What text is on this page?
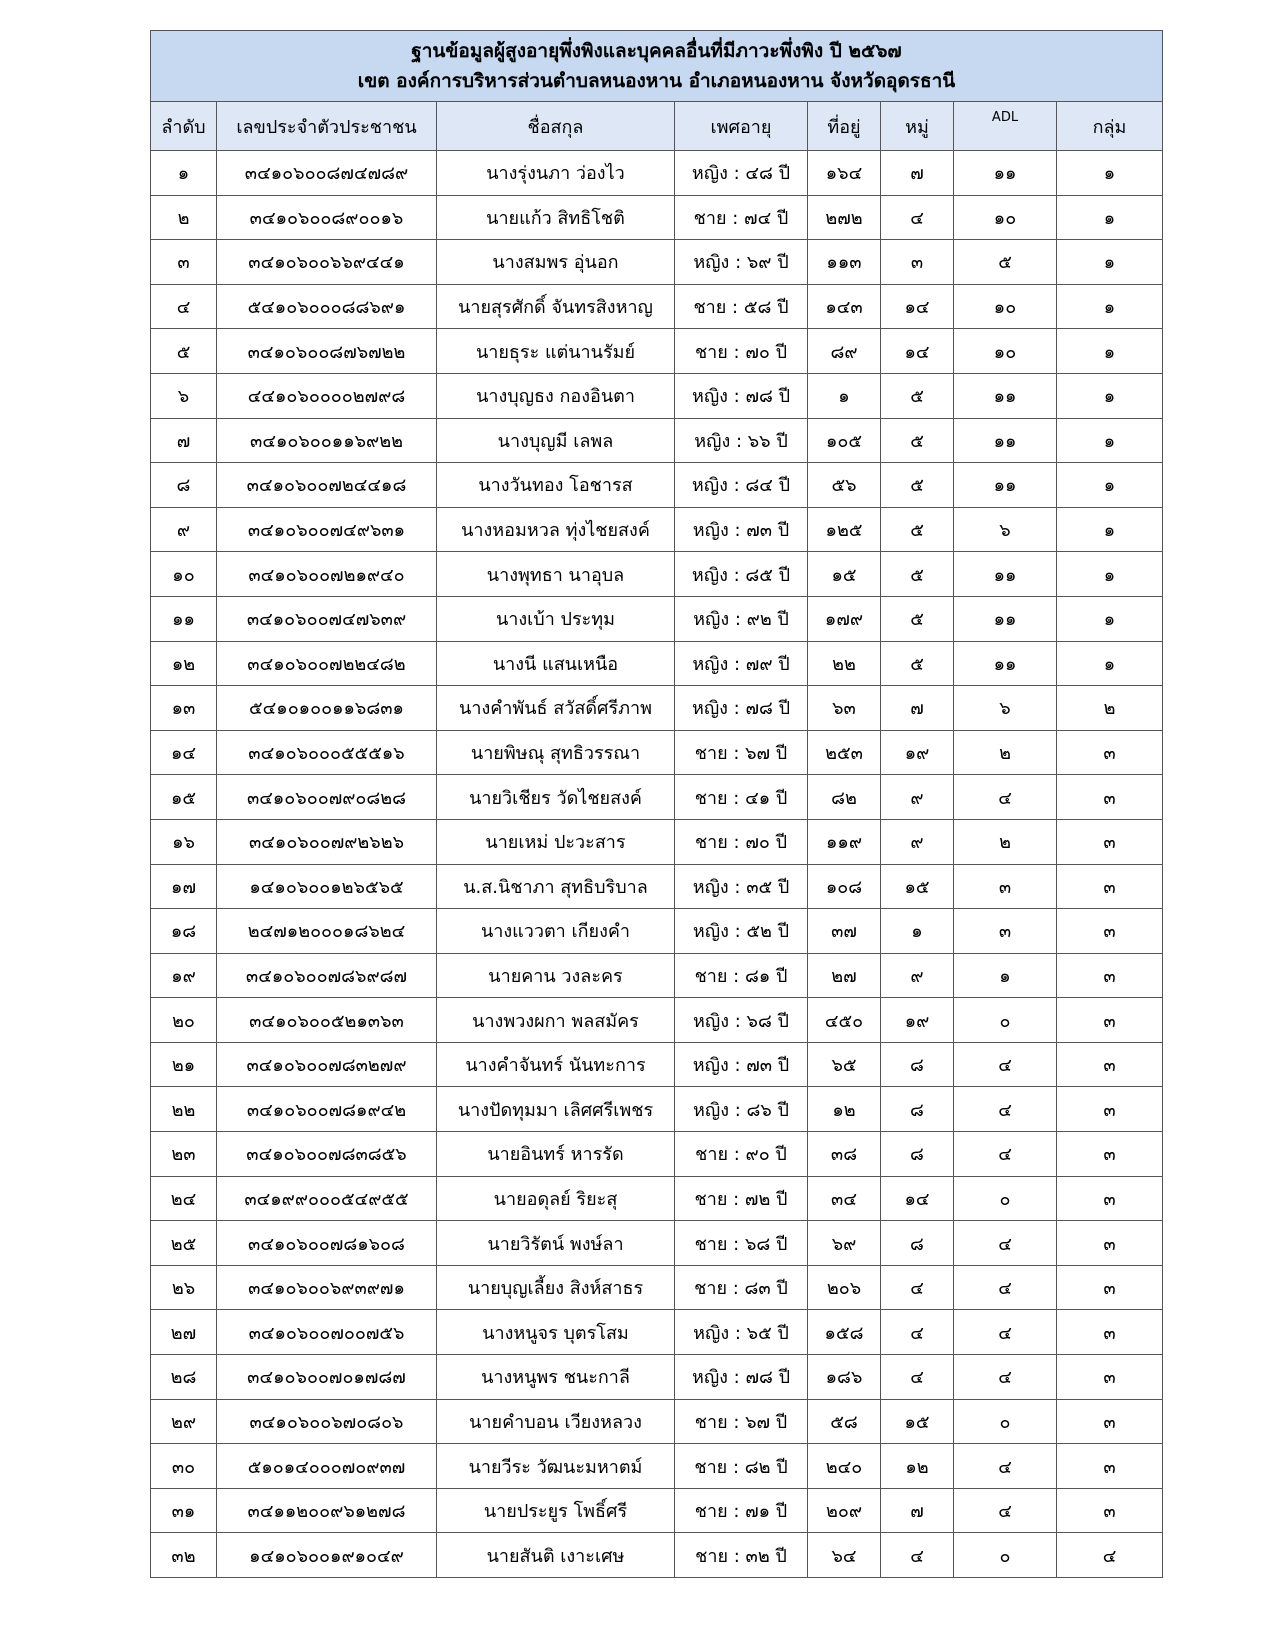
ฐานข้อมูลผู้สูงอายุพึ่งพิงและบุคคลอื่นที่มีภาวะพึ่งพิง ปี ๒๕๖๗
เขต องค์การบริหารส่วนตำบลหนองหาน อำเภอหนองหาน จังหวัดอุดรธานี							

ลำดับ	เลขประจำตัวประชาชน	ชื่อสกุล	เพศอายุ	ที่อยู่	หมู่	ADL	กลุ่ม
๑	๓๔๑๐๖๐๐๘๗๔๗๘๙	นางรุ่งนภา ว่องไว	หญิง : ๔๘ ปี	๑๖๔	๗	๑๑	๑
๒	๓๔๑๐๖๐๐๘๙๐๐๑๖	นายแก้ว สิทธิโชติ	ชาย : ๗๔ ปี	๒๗๒	๔	๑๐	๑
๓	๓๔๑๐๖๐๐๖๖๙๔๔๑	นางสมพร อุ่นอก	หญิง : ๖๙ ปี	๑๑๓	๓	๕	๑
๔	๕๔๑๐๖๐๐๐๘๘๖๙๑	นายสุรศักดิ์ จันทรสิงหาญ	ชาย : ๕๘ ปี	๑๔๓	๑๔	๑๐	๑
๕	๓๔๑๐๖๐๐๘๗๖๗๒๒	นายธุระ แต่นานรัมย์	ชาย : ๗๐ ปี	๘๙	๑๔	๑๐	๑
๖	๔๔๑๐๖๐๐๐๐๒๗๙๘	นางบุญธง กองอินตา	หญิง : ๗๘ ปี	๑	๕	๑๑	๑
๗	๓๔๑๐๖๐๐๑๑๖๙๒๒	นางบุญมี เลพล	หญิง : ๖๖ ปี	๑๐๕	๕	๑๑	๑
๘	๓๔๑๐๖๐๐๗๒๔๔๑๘	นางวันทอง โอชารส	หญิง : ๘๔ ปี	๕๖	๕	๑๑	๑
๙	๓๔๑๐๖๐๐๗๔๙๖๓๑	นางหอมหวล ทุ่งไชยสงค์	หญิง : ๗๓ ปี	๑๒๕	๕	๖	๑
๑๐	๓๔๑๐๖๐๐๗๒๑๙๔๐	นางพุทธา นาอุบล	หญิง : ๘๕ ปี	๑๕	๕	๑๑	๑
๑๑	๓๔๑๐๖๐๐๗๔๗๖๓๙	นางเบ้า ประทุม	หญิง : ๙๒ ปี	๑๗๙	๕	๑๑	๑
๑๒	๓๔๑๐๖๐๐๗๒๒๔๘๒	นางนี แสนเหนือ	หญิง : ๗๙ ปี	๒๒	๕	๑๑	๑
๑๓	๕๔๑๐๑๐๐๑๑๖๘๓๑	นางคำพันธ์ สวัสดิ์ศรีภาพ	หญิง : ๗๘ ปี	๖๓	๗	๖	๒
๑๔	๓๔๑๐๖๐๐๐๕๕๕๑๖	นายพิษณุ สุทธิวรรณา	ชาย : ๖๗ ปี	๒๕๓	๑๙	๒	๓
๑๕	๓๔๑๐๖๐๐๗๙๐๘๒๘	นายวิเชียร วัดไชยสงค์	ชาย : ๔๑ ปี	๘๒	๙	๔	๓
๑๖	๓๔๑๐๖๐๐๗๙๒๖๒๖	นายเหม่ ปะวะสาร	ชาย : ๗๐ ปี	๑๑๙	๙	๒	๓
๑๗	๑๔๑๐๖๐๐๑๒๖๕๖๕	น.ส.นิชาภา สุทธิบริบาล	หญิง : ๓๕ ปี	๑๐๘	๑๕	๓	๓
๑๘	๒๔๗๑๒๐๐๐๑๘๖๒๔	นางแววตา เกียงคำ	หญิง : ๕๒ ปี	๓๗	๑	๓	๓
๑๙	๓๔๑๐๖๐๐๗๘๖๙๘๗	นายคาน วงละคร	ชาย : ๘๑ ปี	๒๗	๙	๑	๓
๒๐	๓๔๑๐๖๐๐๕๒๑๓๖๓	นางพวงผกา พลสมัคร	หญิง : ๖๘ ปี	๔๕๐	๑๙	๐	๓
๒๑	๓๔๑๐๖๐๐๗๘๓๒๗๙	นางคำจันทร์ นันทะการ	หญิง : ๗๓ ปี	๖๕	๘	๔	๓
๒๒	๓๔๑๐๖๐๐๗๘๑๙๔๒	นางปัดทุมมา เลิศศรีเพชร	หญิง : ๘๖ ปี	๑๒	๘	๔	๓
๒๓	๓๔๑๐๖๐๐๗๘๓๘๕๖	นายอินทร์ หารรัด	ชาย : ๙๐ ปี	๓๘	๘	๔	๓
๒๔	๓๔๑๙๙๐๐๐๕๔๙๕๕	นายอดุลย์ ริยะสุ	ชาย : ๗๒ ปี	๓๔	๑๔	๐	๓
๒๕	๓๔๑๐๖๐๐๗๘๑๖๐๘	นายวิรัตน์ พงษ์ลา	ชาย : ๖๘ ปี	๖๙	๘	๔	๓
๒๖	๓๔๑๐๖๐๐๖๙๓๙๗๑	นายบุญเลี้ยง สิงห์สาธร	ชาย : ๘๓ ปี	๒๐๖	๔	๔	๓
๒๗	๓๔๑๐๖๐๐๗๐๐๗๕๖	นางหนูจร บุตรโสม	หญิง : ๖๕ ปี	๑๕๘	๔	๔	๓
๒๘	๓๔๑๐๖๐๐๗๐๑๗๘๗	นางหนูพร ชนะกาลี	หญิง : ๗๘ ปี	๑๘๖	๔	๔	๓
๒๙	๓๔๑๐๖๐๐๖๗๐๘๐๖	นายคำบอน เวียงหลวง	ชาย : ๖๗ ปี	๕๘	๑๕	๐	๓
๓๐	๕๑๐๑๔๐๐๐๗๐๙๓๗	นายวีระ วัฒนะมหาตม์	ชาย : ๘๒ ปี	๒๔๐	๑๒	๔	๓
๓๑	๓๔๑๑๒๐๐๙๖๑๒๗๘	นายประยูร โพธิ์ศรี	ชาย : ๗๑ ปี	๒๐๙	๗	๔	๓
๓๒	๑๔๑๐๖๐๐๑๙๑๐๔๙	นายสันติ เงาะเศษ	ชาย : ๓๒ ปี	๖๔	๔	๐	๔
